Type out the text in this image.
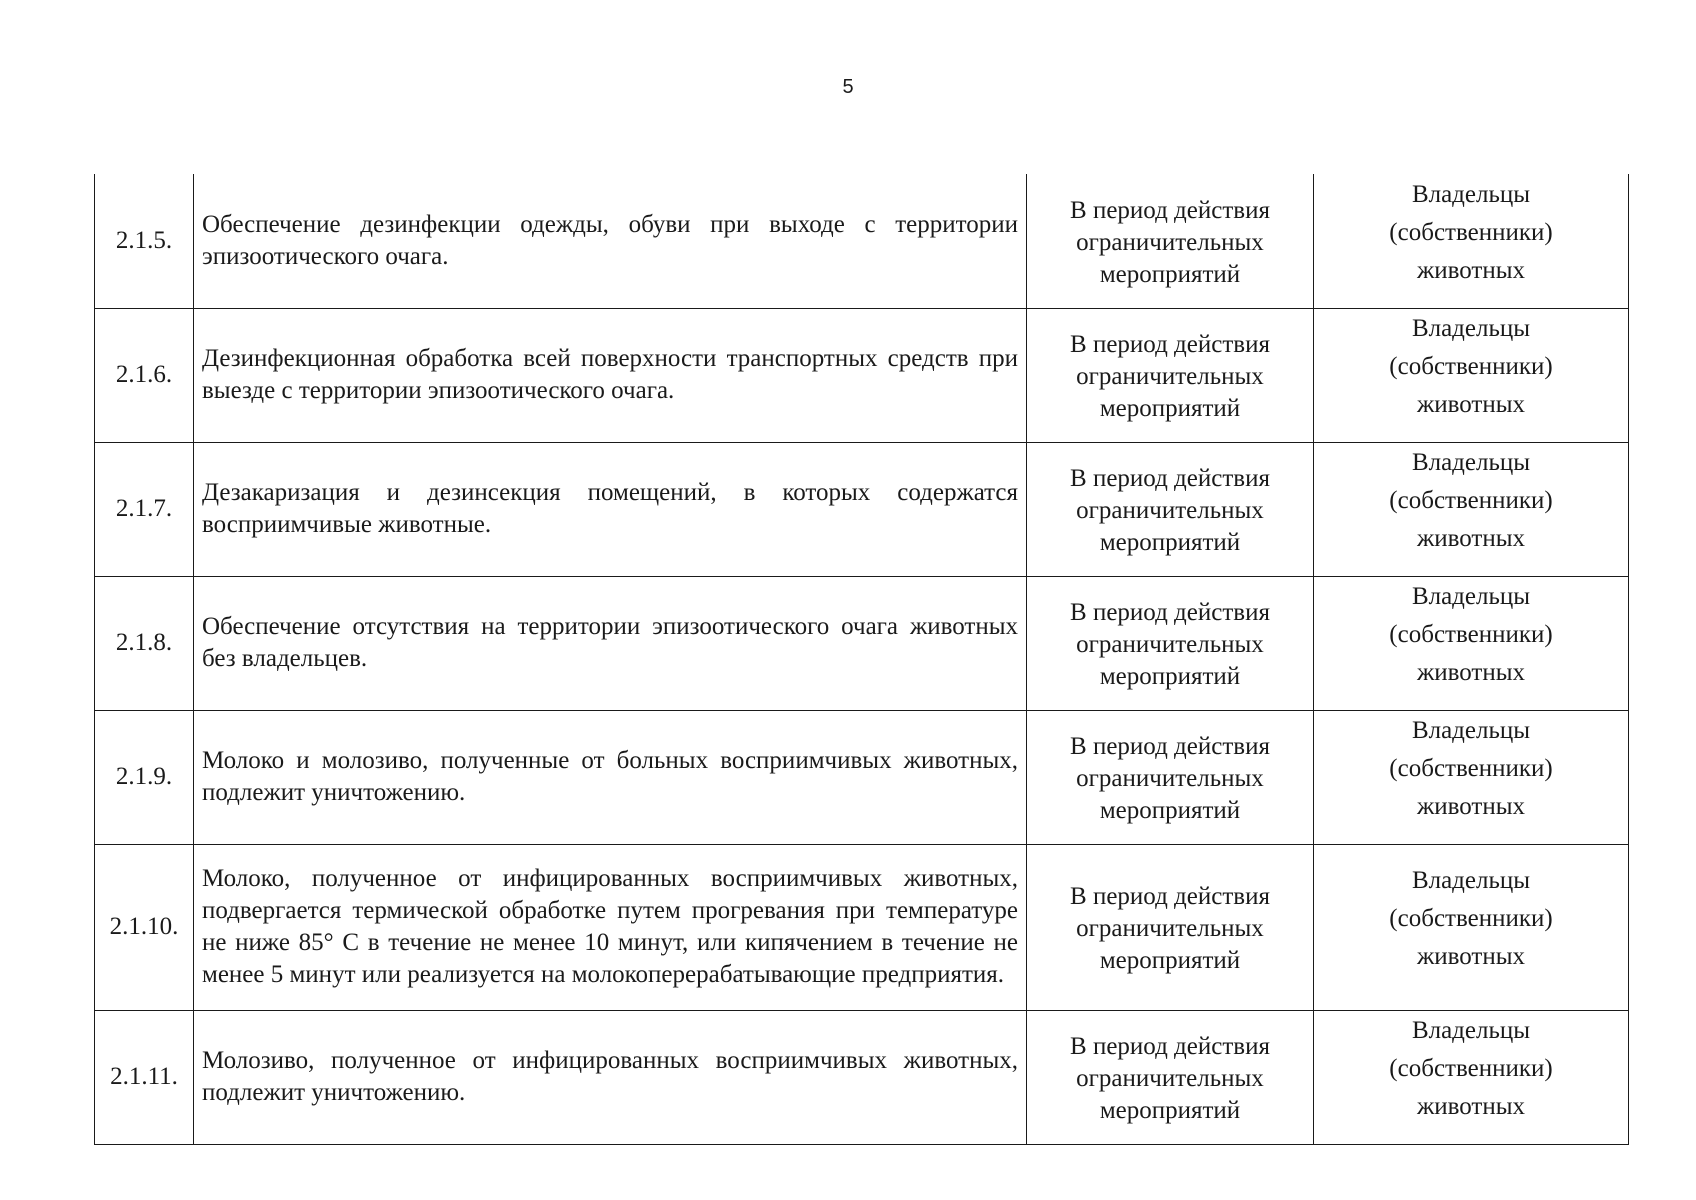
5
2.1.5.	Обеспечение дезинфекции одежды, обуви при выходе с территории эпизоотического очага.	В период действия ограничительных мероприятий	Владельцы (собственники) животных

2.1.6.	Дезинфекционная обработка всей поверхности транспортных средств при выезде с территории эпизоотического очага.	В период действия ограничительных мероприятий	Владельцы (собственники) животных

2.1.7.	Дезакаризация и дезинсекция помещений, в которых содержатся восприимчивые животные.	В период действия ограничительных мероприятий	Владельцы (собственники) животных

2.1.8.	Обеспечение отсутствия на территории эпизоотического очага животных без владельцев.	В период действия ограничительных мероприятий	Владельцы (собственники) животных

2.1.9.	Молоко и молозиво, полученные от больных восприимчивых животных, подлежит уничтожению.	В период действия ограничительных мероприятий	Владельцы (собственники) животных

2.1.10.	Молоко, полученное от инфицированных восприимчивых животных, подвергается термической обработке путем прогревания при температуре не ниже 85° С в течение не менее 10 минут, или кипячением в течение не менее 5 минут или реализуется на молокоперерабатывающие предприятия.	В период действия ограничительных мероприятий	Владельцы (собственники) животных

2.1.11.	Молозиво, полученное от инфицированных восприимчивых животных, подлежит уничтожению.	В период действия ограничительных мероприятий	Владельцы (собственники) животных
